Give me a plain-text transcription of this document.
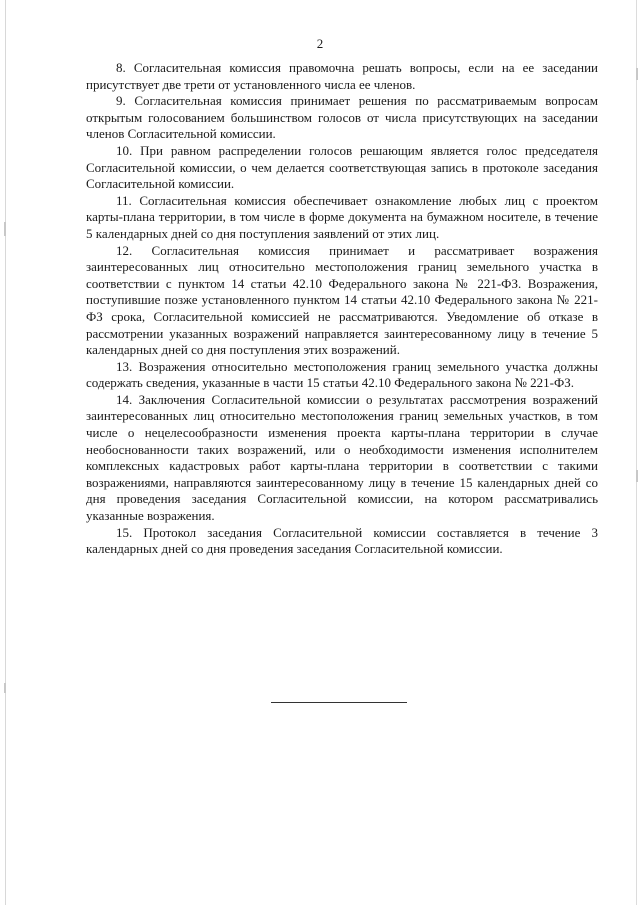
2

8. Согласительная комиссия правомочна решать вопросы, если на ее заседании присутствует две трети от установленного числа ее членов.

9. Согласительная комиссия принимает решения по рассматриваемым вопросам открытым голосованием большинством голосов от числа присутствующих на заседании членов Согласительной комиссии.

10. При равном распределении голосов решающим является голос председателя Согласительной комиссии, о чем делается соответствующая запись в протоколе заседания Согласительной комиссии.

11. Согласительная комиссия обеспечивает ознакомление любых лиц с проектом карты-плана территории, в том числе в форме документа на бумажном носителе, в течение 5 календарных дней со дня поступления заявлений от этих лиц.

12. Согласительная комиссия принимает и рассматривает возражения заинтересованных лиц относительно местоположения границ земельного участка в соответствии с пунктом 14 статьи 42.10 Федерального закона № 221-ФЗ. Возражения, поступившие позже установленного пунктом 14 статьи 42.10 Федерального закона № 221-ФЗ срока, Согласительной комиссией не рассматриваются. Уведомление об отказе в рассмотрении указанных возражений направляется заинтересованному лицу в течение 5 календарных дней со дня поступления этих возражений.

13. Возражения относительно местоположения границ земельного участка должны содержать сведения, указанные в части 15 статьи 42.10 Федерального закона № 221-ФЗ.

14. Заключения Согласительной комиссии о результатах рассмотрения возражений заинтересованных лиц относительно местоположения границ земельных участков, в том числе о нецелесообразности изменения проекта карты-плана территории в случае необоснованности таких возражений, или о необходимости изменения исполнителем комплексных кадастровых работ карты-плана территории в соответствии с такими возражениями, направляются заинтересованному лицу в течение 15 календарных дней со дня проведения заседания Согласительной комиссии, на котором рассматривались указанные возражения.

15. Протокол заседания Согласительной комиссии составляется в течение 3 календарных дней со дня проведения заседания Согласительной комиссии.
